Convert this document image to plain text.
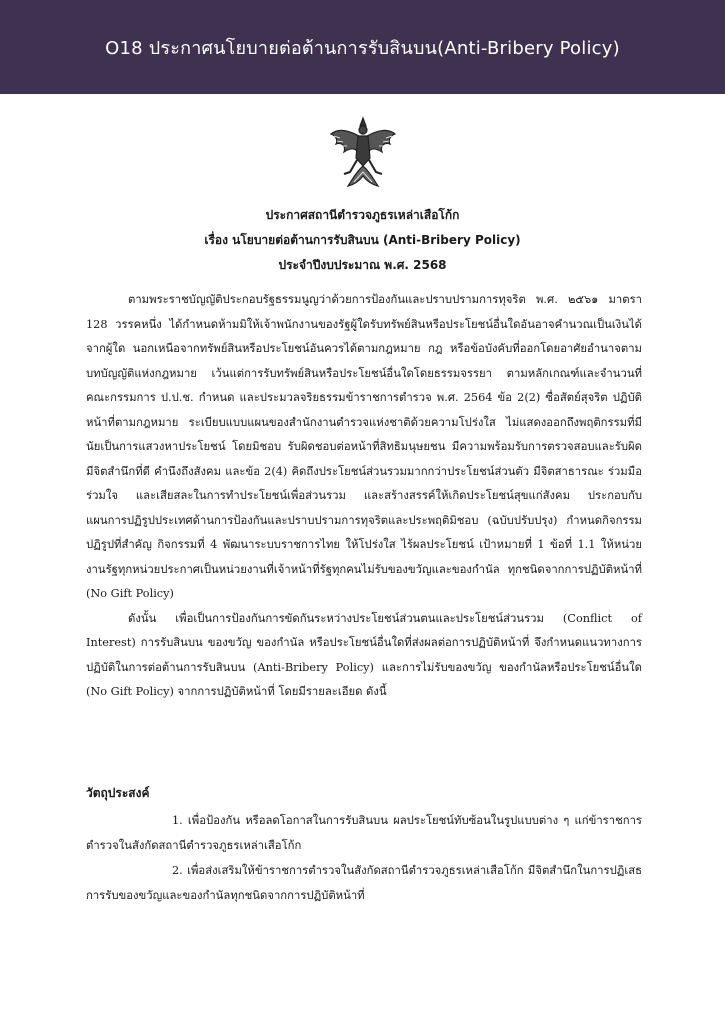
O18 ประกาศนโยบายต่อต้านการรับสินบน(Anti-Bribery Policy)
ประกาศสถานีตำรวจภูธรเหล่าเสือโก้ก
เรื่อง นโยบายต่อต้านการรับสินบน (Anti-Bribery Policy)
ประจำปีงบประมาณ พ.ศ. 2568

ตามพระราชบัญญัติประกอบรัฐธรรมนูญว่าด้วยการป้องกันและปราบปรามการทุจริต พ.ศ. ๒๕๖๑ มาตรา 128 วรรคหนึ่ง ได้กำหนดห้ามมิให้เจ้าพนักงานของรัฐผู้ใดรับทรัพย์สินหรือประโยชน์อื่นใดอันอาจคำนวณเป็นเงินได้จากผู้ใด นอกเหนือจากทรัพย์สินหรือประโยชน์อันควรได้ตามกฎหมาย กฎ หรือข้อบังคับที่ออกโดยอาศัยอำนาจตามบทบัญญัติแห่งกฎหมาย เว้นแต่การรับทรัพย์สินหรือประโยชน์อื่นใดโดยธรรมจรรยา ตามหลักเกณฑ์และจำนวนที่คณะกรรมการ ป.ป.ช. กำหนด และประมวลจริยธรรมข้าราชการตำรวจ พ.ศ. 2564 ข้อ 2(2) ซื่อสัตย์สุจริต ปฏิบัติหน้าที่ตามกฎหมาย ระเบียบแบบแผนของสำนักงานตำรวจแห่งชาติด้วยความโปร่งใส ไม่แสดงออกถึงพฤติกรรมที่มีนัยเป็นการแสวงหาประโยชน์ โดยมิชอบ รับผิดชอบต่อหน้าที่สิทธิมนุษยชน มีความพร้อมรับการตรวจสอบและรับผิด มีจิตสำนึกที่ดี คำนึงถึงสังคม และข้อ 2(4) คิดถึงประโยชน์ส่วนรวมมากกว่าประโยชน์ส่วนตัว มีจิตสาธารณะ ร่วมมือ ร่วมใจ และเสียสละในการทำประโยชน์เพื่อส่วนรวม และสร้างสรรค์ให้เกิดประโยชน์สุขแก่สังคม ประกอบกับ แผนการปฏิรูปประเทศด้านการป้องกันและปราบปรามการทุจริตและประพฤติมิชอบ (ฉบับปรับปรุง) กำหนดกิจกรรมปฏิรูปที่สำคัญ กิจกรรมที่ 4 พัฒนาระบบราชการไทย ให้โปร่งใส ไร้ผลประโยชน์ เป้าหมายที่ 1 ข้อที่ 1.1 ให้หน่วยงานรัฐทุกหน่วยประกาศเป็นหน่วยงานที่เจ้าหน้าที่รัฐทุกคนไม่รับของขวัญและของกำนัล ทุกชนิดจากการปฏิบัติหน้าที่ (No Gift Policy)

ดังนั้น เพื่อเป็นการป้องกันการขัดกันระหว่างประโยชน์ส่วนตนและประโยชน์ส่วนรวม (Conflict of Interest) การรับสินบน ของขวัญ ของกำนัล หรือประโยชน์อื่นใดที่ส่งผลต่อการปฏิบัติหน้าที่ จึงกำหนดแนวทางการปฏิบัติในการต่อต้านการรับสินบน (Anti-Bribery Policy) และการไม่รับของขวัญ ของกำนัลหรือประโยชน์อื่นใด (No Gift Policy) จากการปฏิบัติหน้าที่ โดยมีรายละเอียด ดังนี้

วัตถุประสงค์

1. เพื่อป้องกัน หรือลดโอกาสในการรับสินบน ผลประโยชน์ทับซ้อนในรูปแบบต่าง ๆ แก่ข้าราชการตำรวจในสังกัดสถานีตำรวจภูธรเหล่าเสือโก้ก

2. เพื่อส่งเสริมให้ข้าราชการตำรวจในสังกัดสถานีตำรวจภูธรเหล่าเสือโก้ก มีจิตสำนึกในการปฏิเสธ การรับของขวัญและของกำนัลทุกชนิดจากการปฏิบัติหน้าที่
